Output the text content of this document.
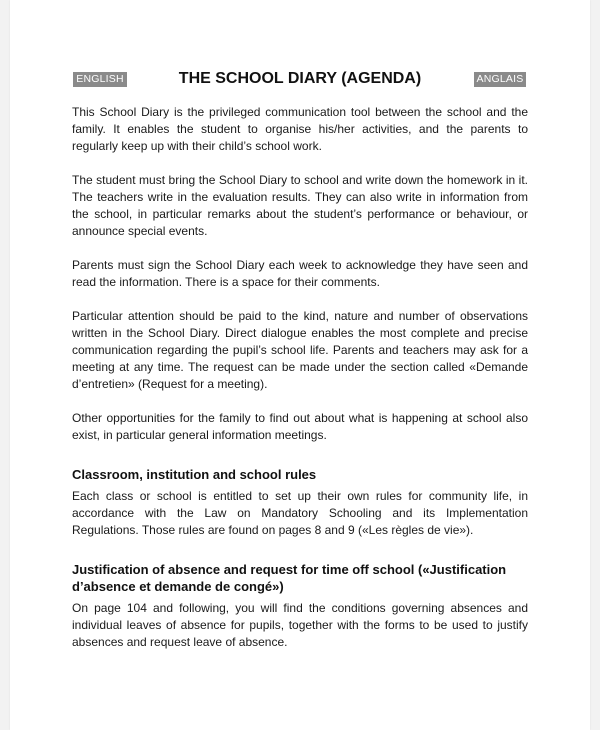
THE SCHOOL DIARY (AGENDA)
ENGLISH	ANGLAIS

This School Diary is the privileged communication tool between the school and the family. It enables the student to organise his/her activities, and the parents to regularly keep up with their child’s school work.

The student must bring the School Diary to school and write down the homework in it. The teachers write in the evaluation results. They can also write in information from the school, in particular remarks about the student’s performance or behaviour, or announce special events.

Parents must sign the School Diary each week to acknowledge they have seen and read the information. There is a space for their comments.

Particular attention should be paid to the kind, nature and number of observations written in the School Diary. Direct dialogue enables the most complete and precise communication regarding the pupil’s school life. Parents and teachers may ask for a meeting at any time. The request can be made under the section called «Demande d’entretien» (Request for a meeting).

Other opportunities for the family to find out about what is happening at school also exist, in particular general information meetings.

Classroom, institution and school rules

Each class or school is entitled to set up their own rules for community life, in accordance with the Law on Mandatory Schooling and its Implementation Regulations. Those rules are found on pages 8 and 9 («Les règles de vie»).

Justification of absence and request for time off school («Justification d’absence et demande de congé»)

On page 104 and following, you will find the conditions governing absences and individual leaves of absence for pupils, together with the forms to be used to justify absences and request leave of absence.
